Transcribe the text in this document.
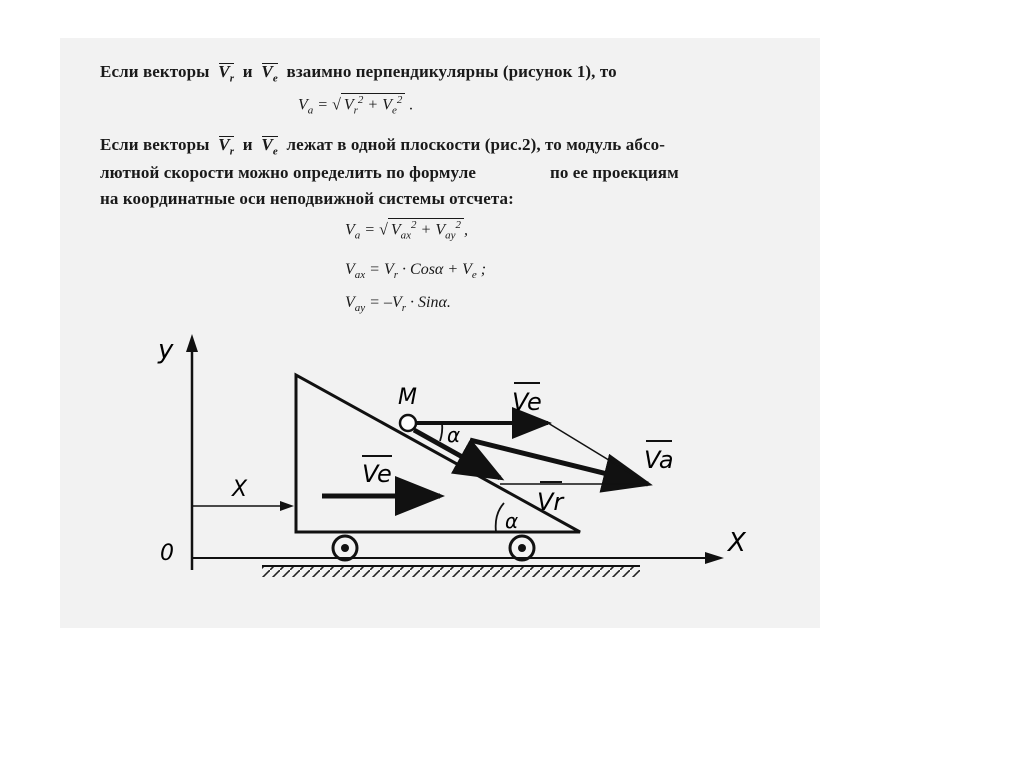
Если векторы $V_r$ и $V_e$ взаимно перпендикулярны (рисунок 1), то
$V_a$ = √ $V_r^2 + V_e^2$ .
Если векторы $V_r$ и $V_e$ лежат в одной плоскости (рис.2), то модуль абсо-
лютной скорости можно определить по формуле                 по ее проекциям
на координатные оси неподвижной системы отсчета:
$V_a$ = √ $V_{ax}^2 + V_{ay}^2$ ,
$V_{ax} = V_r \cdot Cos\alpha + V_e$ ;
$V_{ay} = -V_r \cdot Sin\alpha$.
y
X
0
X
Ve
M	Ve
Vr
Va
α
α
